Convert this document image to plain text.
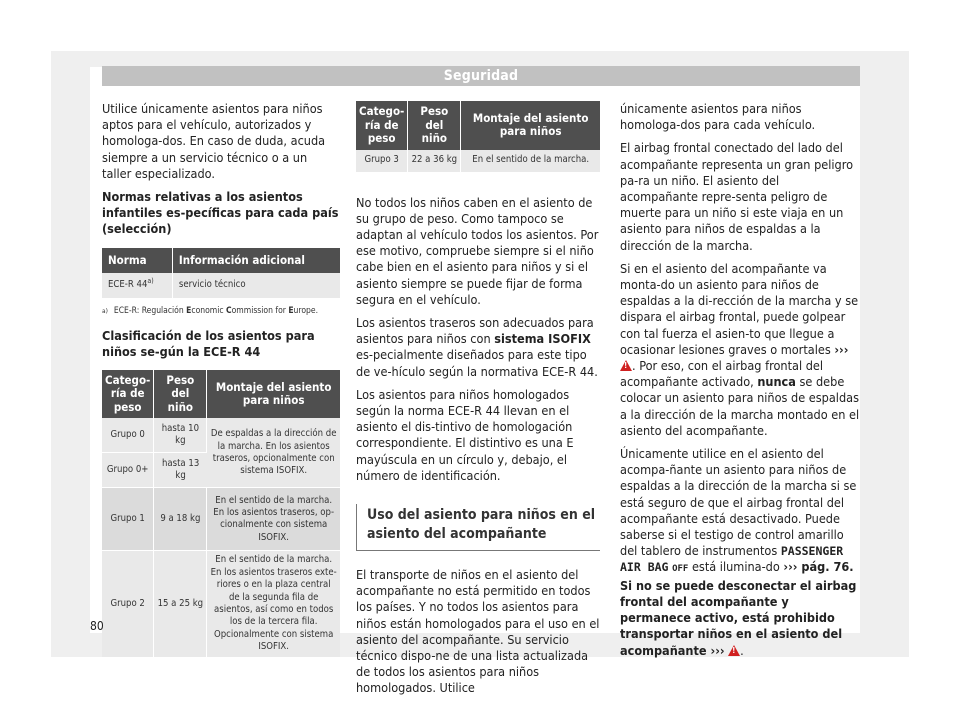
Seguridad

Utilice únicamente asientos para niños aptos para el vehículo, autorizados y homologa-dos. En caso de duda, acuda siempre a un servicio técnico o a un taller especializado.

Normas relativas a los asientos infantiles es-pecíficas para cada país (selección)

Norma	Información adicional
ECE-R 44$^{a)}$	servicio técnico
$^{a)}$ ECE-R: Regulación Economic Commission for Europe.

Clasificación de los asientos para niños se-gún la ECE-R 44

Catego-ría de peso	Peso del niño	Montaje del asiento para niños
Grupo 0	hasta 10 kg	De espaldas a la dirección de la marcha. En los asientos traseros, opcionalmente con sistema ISOFIX.
Grupo 0+	hasta 13 kg	
Grupo 1	9 a 18 kg	En el sentido de la marcha. En los asientos traseros, op-cionalmente con sistema ISOFIX.
Grupo 2	15 a 25 kg	En el sentido de la marcha. En los asientos traseros exte-riores o en la plaza central de la segunda fila de asientos, así como en todos los de la tercera fila. Opcionalmente con sistema ISOFIX.
Catego-ría de peso	Peso del niño	Montaje del asiento para niños
Grupo 3	22 a 36 kg	En el sentido de la marcha.

No todos los niños caben en el asiento de su grupo de peso. Como tampoco se adaptan al vehículo todos los asientos. Por ese motivo, compruebe siempre si el niño cabe bien en el asiento para niños y si el asiento siempre se puede fijar de forma segura en el vehículo.

Los asientos traseros son adecuados para asientos para niños con sistema ISOFIX es-pecialmente diseñados para este tipo de ve-hículo según la normativa ECE-R 44.

Los asientos para niños homologados según la norma ECE-R 44 llevan en el asiento el dis-tintivo de homologación correspondiente. El distintivo es una E mayúscula en un círculo y, debajo, el número de identificación.

Uso del asiento para niños en el asiento del acompañante

El transporte de niños en el asiento del acompañante no está permitido en todos los países. Y no todos los asientos para niños están homologados para el uso en el asiento del acompañante. Su servicio técnico dispo-ne de una lista actualizada de todos los asientos para niños homologados. Utilice

únicamente asientos para niños homologa-dos para cada vehículo.

El airbag frontal conectado del lado del acompañante representa un gran peligro pa-ra un niño. El asiento del acompañante repre-senta peligro de muerte para un niño si este viaja en un asiento para niños de espaldas a la dirección de la marcha.

Si en el asiento del acompañante va monta-do un asiento para niños de espaldas a la di-rección de la marcha y se dispara el airbag frontal, puede golpear con tal fuerza el asien-to que llegue a ocasionar lesiones graves o mortales ››› !. Por eso, con el airbag frontal del acompañante activado, nunca se debe colocar un asiento para niños de espaldas a la dirección de la marcha montado en el asiento del acompañante.

Únicamente utilice en el asiento del acompa-ñante un asiento para niños de espaldas a la dirección de la marcha si se está seguro de que el airbag frontal del acompañante está desactivado. Puede saberse si el testigo de control amarillo del tablero de instrumentos PASSENGER AIR BAG OFF está ilumina-do ››› pág. 76. Si no se puede desconectar el airbag frontal del acompañante y permanece activo, está prohibido transportar niños en el asiento del acompañante ››› ! .

80
